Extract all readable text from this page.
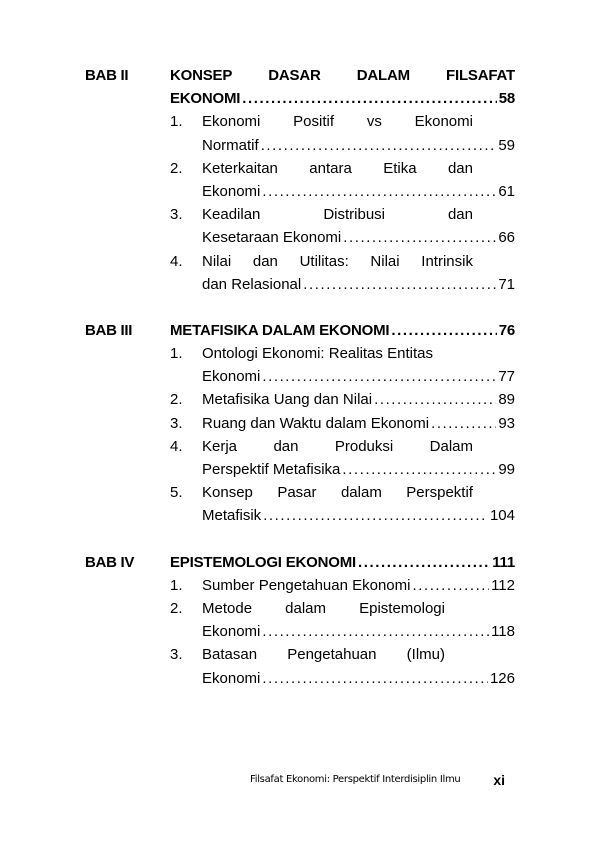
BAB II	KONSEP DASAR DALAM FILSAFAT
EKONOMI . . .	58
1.	Ekonomi Positif vs Ekonomi
Normatif . . .	59
2.	Keterkaitan antara Etika dan
Ekonomi . . .	61
3.	Keadilan	Distribusi	dan
Kesetaraan Ekonomi . . .	66
4.	Nilai dan Utilitas: Nilai Intrinsik
dan Relasional . . .	71
BAB III	METAFISIKA DALAM EKONOMI . . .	76
1.	Ontologi Ekonomi: Realitas Entitas
Ekonomi . . .	77
2.	Metafisika Uang dan Nilai . . .	89
3.	Ruang dan Waktu dalam Ekonomi . . .	93
4.	Kerja dan Produksi Dalam
Perspektif Metafisika . . .	99
5.	Konsep Pasar dalam Perspektif
Metafisik . . .	104
BAB IV EPISTEMOLOGI EKONOMI . . .	111
1.	Sumber Pengetahuan Ekonomi . . .	112
2.	Metode dalam Epistemologi
Ekonomi . . .	118
3.	Batasan Pengetahuan (Ilmu)
Ekonomi . . .	126
Filsafat Ekonomi: Perspektif Interdisiplin Ilmu xi
